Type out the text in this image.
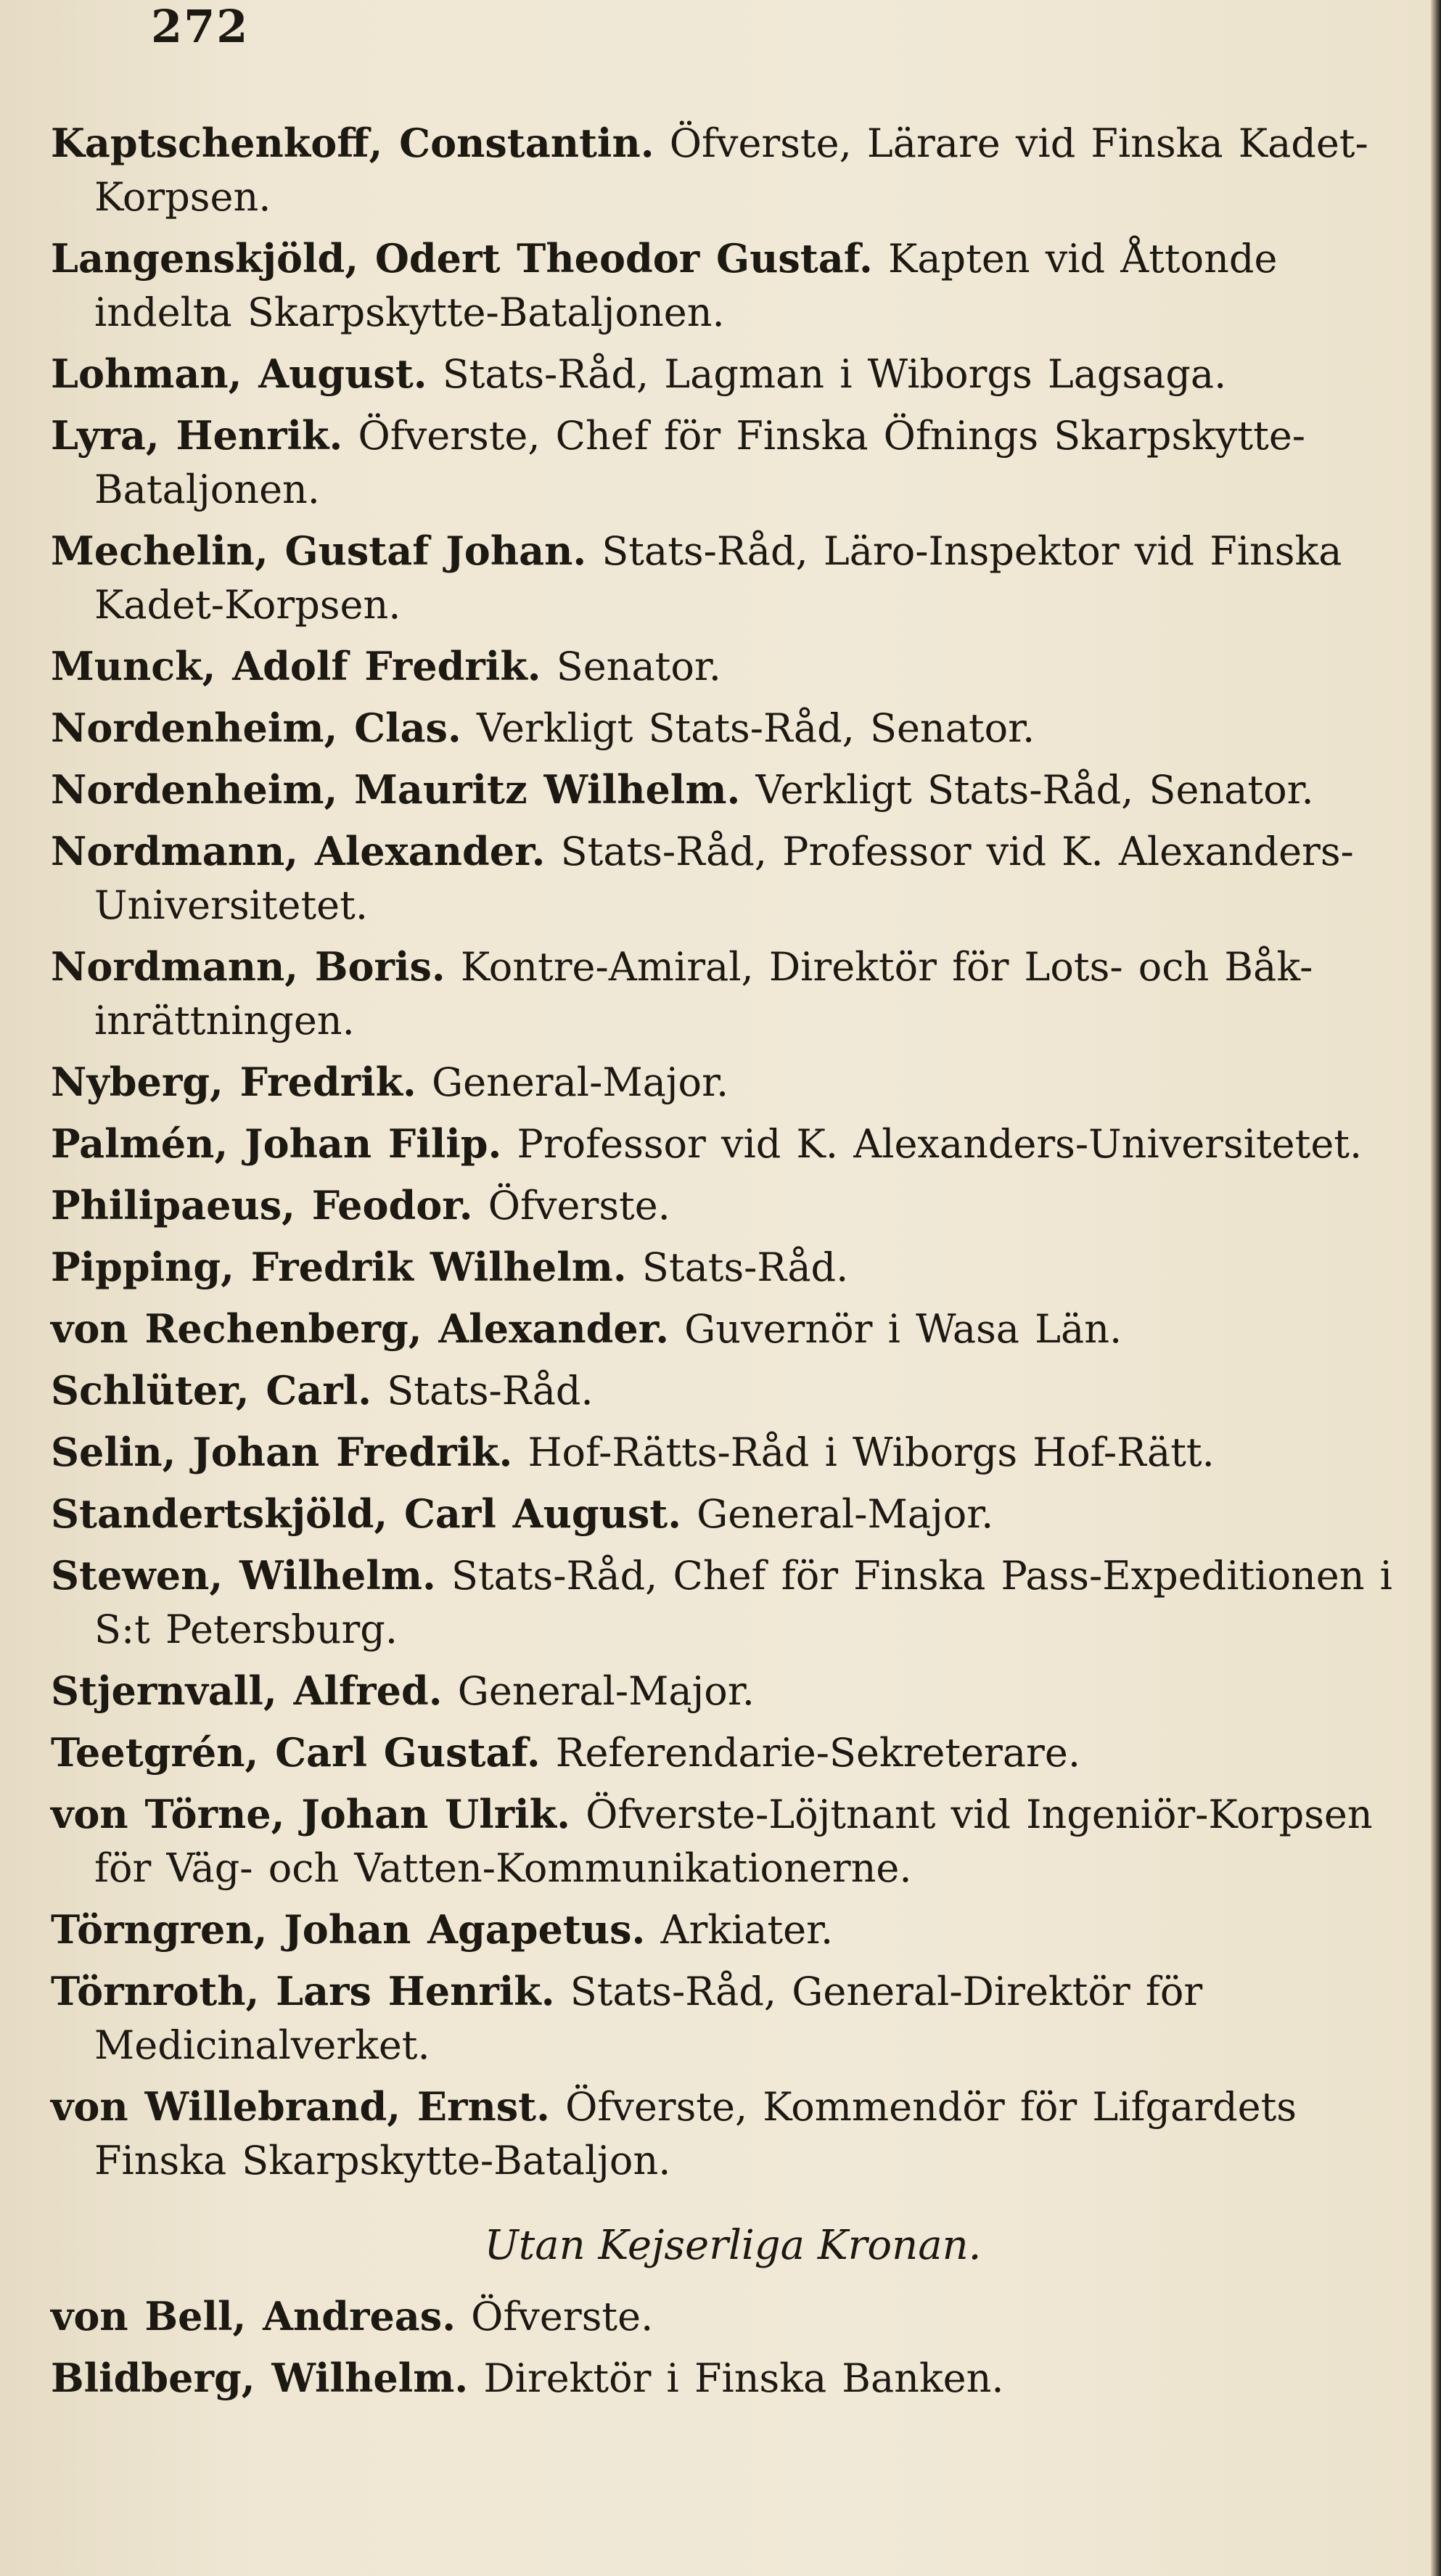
272
Kaptschenkoff, Constantin. Öfverste, Lärare vid Finska Kadet-Korpsen.
Langenskjöld, Odert Theodor Gustaf. Kapten vid Åttonde indelta Skarpskytte-Bataljonen.
Lohman, August. Stats-Råd, Lagman i Wiborgs Lagsaga.
Lyra, Henrik. Öfverste, Chef för Finska Öfnings Skarpskytte-Bataljonen.
Mechelin, Gustaf Johan. Stats-Råd, Läro-Inspektor vid Finska Kadet-Korpsen.
Munck, Adolf Fredrik. Senator.
Nordenheim, Clas. Verkligt Stats-Råd, Senator.
Nordenheim, Mauritz Wilhelm. Verkligt Stats-Råd, Senator.
Nordmann, Alexander. Stats-Råd, Professor vid K. Alexanders-Universitetet.
Nordmann, Boris. Kontre-Amiral, Direktör för Lots- och Båk-inrättningen.
Nyberg, Fredrik. General-Major.
Palmén, Johan Filip. Professor vid K. Alexanders-Universitetet.
Philipaeus, Feodor. Öfverste.
Pipping, Fredrik Wilhelm. Stats-Råd.
von Rechenberg, Alexander. Guvernör i Wasa Län.
Schlüter, Carl. Stats-Råd.
Selin, Johan Fredrik. Hof-Rätts-Råd i Wiborgs Hof-Rätt.
Standertskjöld, Carl August. General-Major.
Stewen, Wilhelm. Stats-Råd, Chef för Finska Pass-Expeditionen i S:t Petersburg.
Stjernvall, Alfred. General-Major.
Teetgrén, Carl Gustaf. Referendarie-Sekreterare.
von Törne, Johan Ulrik. Öfverste-Löjtnant vid Ingeniör-Korpsen för Väg- och Vatten-Kommunikationerne.
Törngren, Johan Agapetus. Arkiater.
Törnroth, Lars Henrik. Stats-Råd, General-Direktör för Medicinalverket.
von Willebrand, Ernst. Öfverste, Kommendör för Lifgardets Finska Skarpskytte-Bataljon.
Utan Kejserliga Kronan.
von Bell, Andreas. Öfverste.
Blidberg, Wilhelm. Direktör i Finska Banken.
